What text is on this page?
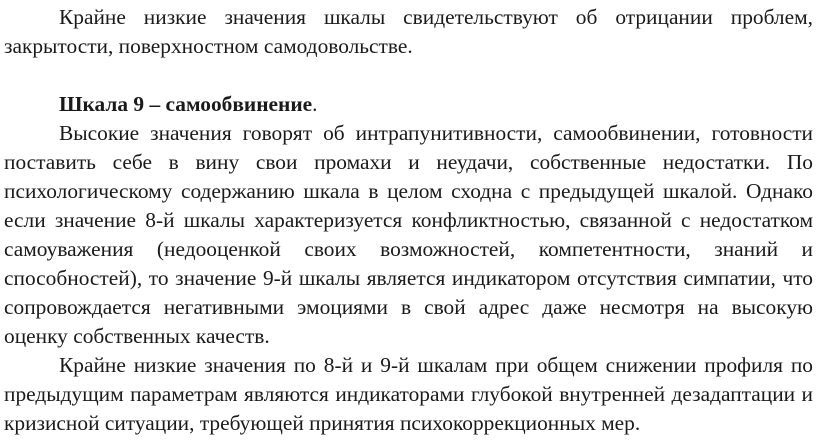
Крайне низкие значения шкалы свидетельствуют об отрицании проблем, закрытости, поверхностном самодовольстве.

Шкала 9 – самообвинение.

Высокие значения говорят об интрапунитивности, самообвинении, готовности поставить себе в вину свои промахи и неудачи, собственные недостатки. По психологическому содержанию шкала в целом сходна с предыдущей шкалой. Однако если значение 8-й шкалы характеризуется конфликтностью, связанной с недостатком самоуважения (недооценкой своих возможностей, компетентности, знаний и способностей), то значение 9-й шкалы является индикатором отсутствия симпатии, что сопровождается негативными эмоциями в свой адрес даже несмотря на высокую оценку собственных качеств.

Крайне низкие значения по 8-й и 9-й шкалам при общем снижении профиля по предыдущим параметрам являются индикаторами глубокой внутренней дезадаптации и кризисной ситуации, требующей принятия психокоррекционных мер.
